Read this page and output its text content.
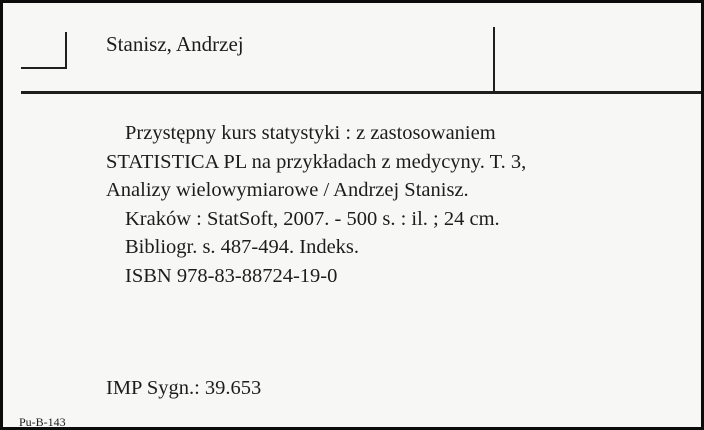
Stanisz, Andrzej
Przystępny kurs statystyki : z zastosowaniem
STATISTICA PL na przykładach z medycyny. T. 3,
Analizy wielowymiarowe / Andrzej Stanisz.
Kraków : StatSoft, 2007. - 500 s. : il. ; 24 cm.
Bibliogr. s. 487-494. Indeks.
ISBN 978-83-88724-19-0
IMP Sygn.: 39.653
Pu-B-143
